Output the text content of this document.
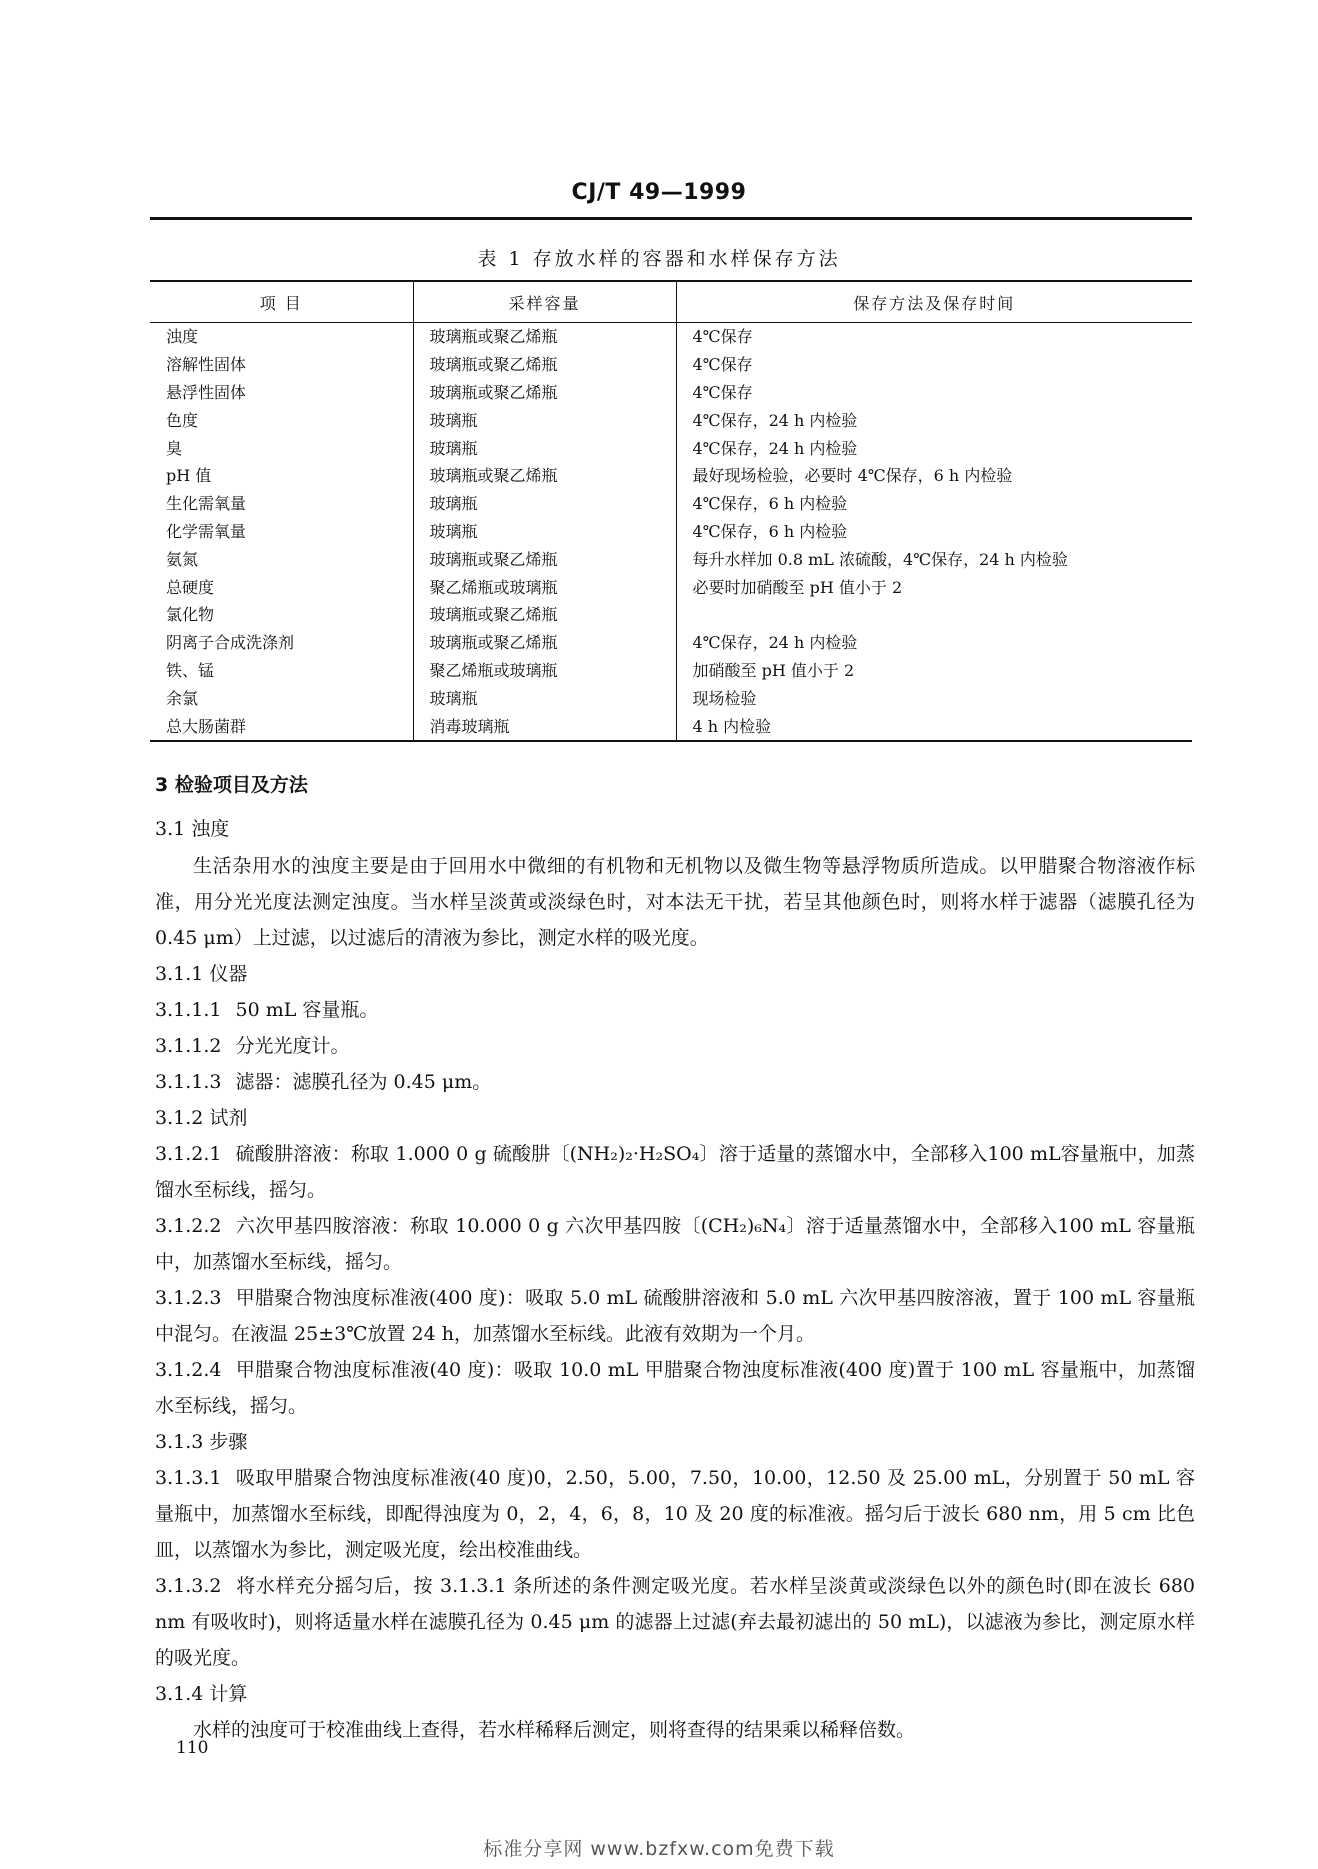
CJ/T 49—1999
表 1 存放水样的容器和水样保存方法
项 目	采样容量	保存方法及保存时间
浊度	玻璃瓶或聚乙烯瓶	4℃保存
溶解性固体	玻璃瓶或聚乙烯瓶	4℃保存
悬浮性固体	玻璃瓶或聚乙烯瓶	4℃保存
色度	玻璃瓶	4℃保存，24 h 内检验
臭	玻璃瓶	4℃保存，24 h 内检验
pH 值	玻璃瓶或聚乙烯瓶	最好现场检验，必要时 4℃保存，6 h 内检验
生化需氧量	玻璃瓶	4℃保存，6 h 内检验
化学需氧量	玻璃瓶	4℃保存，6 h 内检验
氨氮	玻璃瓶或聚乙烯瓶	每升水样加 0.8 mL 浓硫酸，4℃保存，24 h 内检验
总硬度	聚乙烯瓶或玻璃瓶	必要时加硝酸至 pH 值小于 2
氯化物	玻璃瓶或聚乙烯瓶	
阴离子合成洗涤剂	玻璃瓶或聚乙烯瓶	4℃保存，24 h 内检验
铁、锰	聚乙烯瓶或玻璃瓶	加硝酸至 pH 值小于 2
余氯	玻璃瓶	现场检验
总大肠菌群	消毒玻璃瓶	4 h 内检验

3 检验项目及方法

3.1 浊度

生活杂用水的浊度主要是由于回用水中微细的有机物和无机物以及微生物等悬浮物质所造成。以甲腊聚合物溶液作标准，用分光光度法测定浊度。当水样呈淡黄或淡绿色时，对本法无干扰，若呈其他颜色时，则将水样于滤器（滤膜孔径为 0.45 μm）上过滤，以过滤后的清液为参比，测定水样的吸光度。

3.1.1 仪器

3.1.1.1 50 mL 容量瓶。

3.1.1.2 分光光度计。

3.1.1.3 滤器：滤膜孔径为 0.45 μm。

3.1.2 试剂

3.1.2.1 硫酸肼溶液：称取 1.000 0 g 硫酸肼〔(NH₂)₂·H₂SO₄〕溶于适量的蒸馏水中，全部移入100 mL容量瓶中，加蒸馏水至标线，摇匀。

3.1.2.2 六次甲基四胺溶液：称取 10.000 0 g 六次甲基四胺〔(CH₂)₆N₄〕溶于适量蒸馏水中，全部移入100 mL 容量瓶中，加蒸馏水至标线，摇匀。

3.1.2.3 甲腊聚合物浊度标准液(400 度)：吸取 5.0 mL 硫酸肼溶液和 5.0 mL 六次甲基四胺溶液，置于 100 mL 容量瓶中混匀。在液温 25±3℃放置 24 h，加蒸馏水至标线。此液有效期为一个月。

3.1.2.4 甲腊聚合物浊度标准液(40 度)：吸取 10.0 mL 甲腊聚合物浊度标准液(400 度)置于 100 mL 容量瓶中，加蒸馏水至标线，摇匀。

3.1.3 步骤

3.1.3.1 吸取甲腊聚合物浊度标准液(40 度)0，2.50，5.00，7.50，10.00，12.50 及 25.00 mL，分别置于 50 mL 容量瓶中，加蒸馏水至标线，即配得浊度为 0，2，4，6，8，10 及 20 度的标准液。摇匀后于波长 680 nm，用 5 cm 比色皿，以蒸馏水为参比，测定吸光度，绘出校准曲线。

3.1.3.2 将水样充分摇匀后，按 3.1.3.1 条所述的条件测定吸光度。若水样呈淡黄或淡绿色以外的颜色时(即在波长 680 nm 有吸收时)，则将适量水样在滤膜孔径为 0.45 μm 的滤器上过滤(弃去最初滤出的 50 mL)，以滤液为参比，测定原水样的吸光度。

3.1.4 计算

水样的浊度可于校准曲线上查得，若水样稀释后测定，则将查得的结果乘以稀释倍数。

110
标准分享网 www.bzfxw.com免费下载
